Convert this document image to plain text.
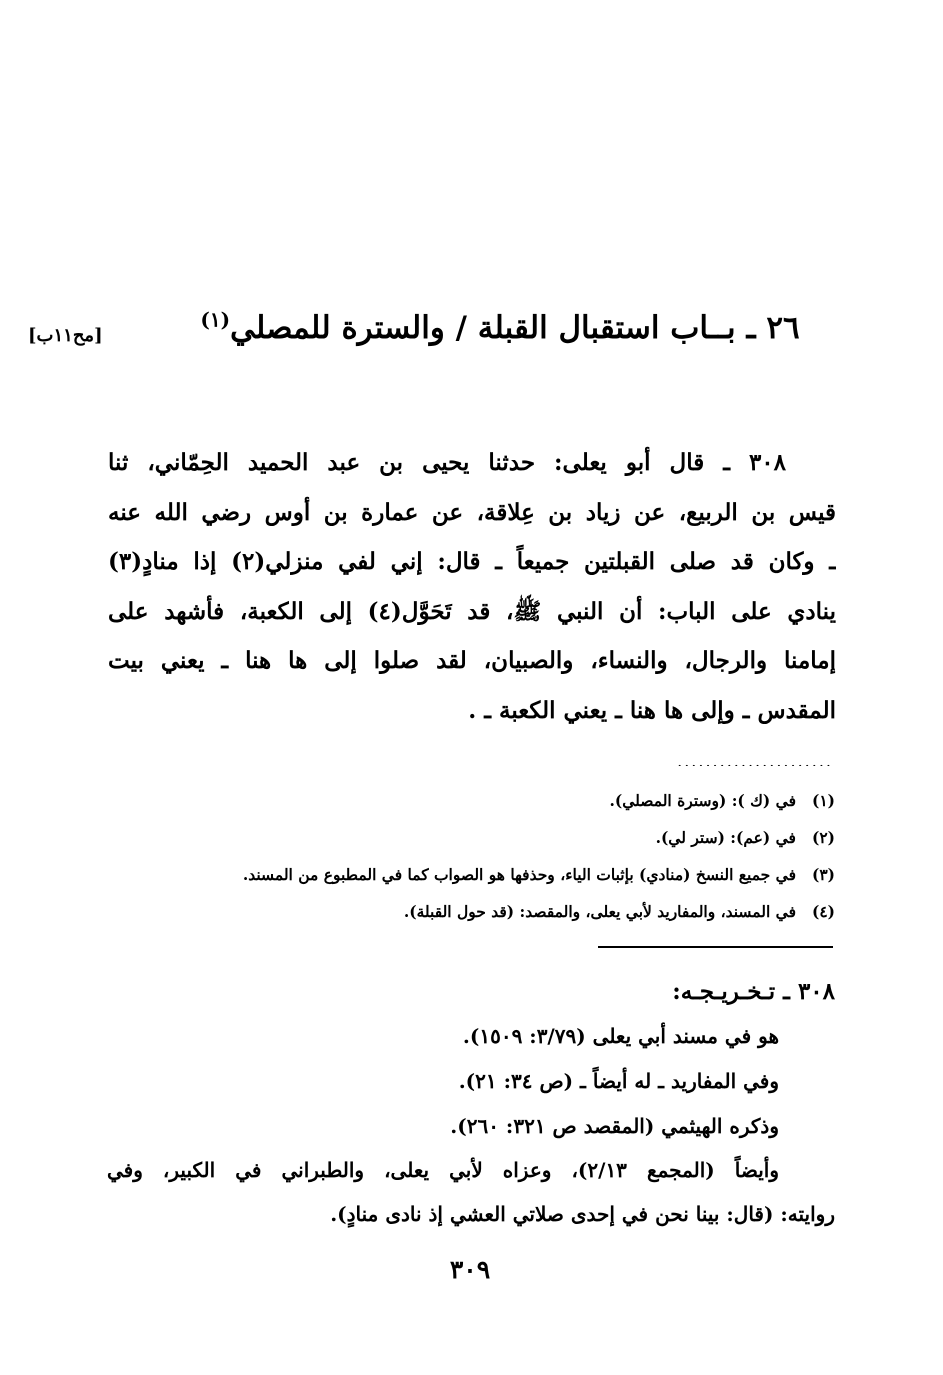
٢٦ ـ بــاب استقبال القبلة / والسترة للمصلي$^{(١)}$
[مح١١ب]
٣٠٨ ـ قال أبو يعلى: حدثنا يحيى بن عبد الحميد الحِمّاني، ثنا
قيس بن الربيع، عن زياد بن عِلاقة، عن عمارة بن أوس رضي الله عنه
ـ وكان قد صلى القبلتين جميعاً ـ قال: إني لفي منزلي(٢) إذا منادٍ(٣)
ينادي على الباب: أن النبي ﷺ، قد تَحَوَّل(٤) إلى الكعبة، فأشهد على
إمامنا والرجال، والنساء، والصبيان، لقد صلوا إلى ها هنا ـ يعني بيت
المقدس ـ وإلى ها هنا ـ يعني الكعبة ـ .
......................
(١)في (ك ): (وسترة المصلي).
(٢)في (عم): (ستر لي).
(٣)في جميع النسخ (منادي) بإثبات الياء، وحذفها هو الصواب كما في المطبوع من المسند.
(٤)في المسند، والمفاريد لأبي يعلى، والمقصد: (قد حول القبلة).
٣٠٨ ـ تـخـريـجـه:
هو في مسند أبي يعلى (٣/٧٩: ١٥٠٩).
وفي المفاريد ـ له أيضاً ـ (ص ٣٤: ٢١).
وذكره الهيثمي (المقصد ص ٣٢١: ٢٦٠).
وأيضاً (المجمع ٢/١٣)، وعزاه لأبي يعلى، والطبراني في الكبير، وفي
روايته: (قال: بينا نحن في إحدى صلاتي العشي إذ نادى منادٍ).
٣٠٩
